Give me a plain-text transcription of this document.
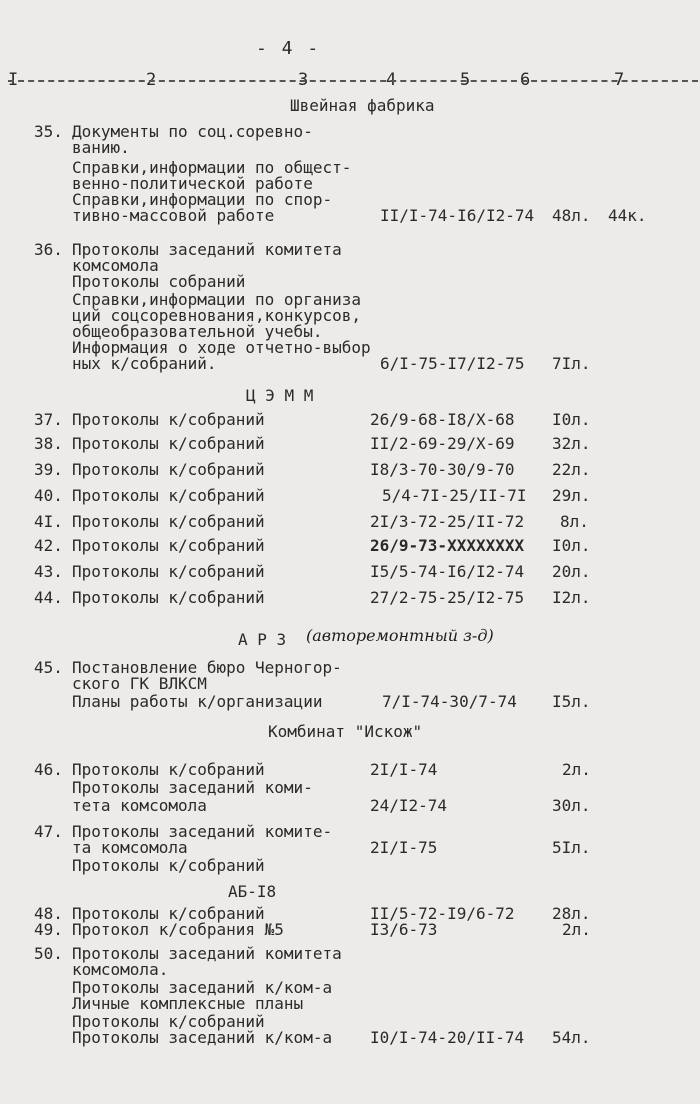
- 4 -
I	2	3	4	5	6	7
Швейная фабрика
35. Документы по соц.соревно-
ванию.
Справки,информации по общест-
венно-политической работе
Справки,информации по спор-
тивно-массовой работе	II/I-74-I6/I2-74 48л. 44к.
36. Протоколы заседаний комитета
комсомола
Протоколы собраний
Справки,информации по организа
ций соцсоревнования,конкурсов,
общеобразовательной учебы.
Информация о ходе отчетно-выбор
ных к/собраний.	6/I-75-I7/I2-75 7Iл.
Ц Э М М
37. Протоколы к/собраний	26/9-68-I8/X-68 I0л.
38. Протоколы к/собраний	II/2-69-29/X-69 32л.
39. Протоколы к/собраний	I8/3-70-30/9-70 22л.
40. Протоколы к/собраний	5/4-7I-25/II-7I 29л.
4I. Протоколы к/собраний	2I/3-72-25/II-72 8л.
42. Протоколы к/собраний	26/9-73-XXXXXXXX I0л.
43. Протоколы к/собраний	I5/5-74-I6/I2-74 20л.
44. Протоколы к/собраний	27/2-75-25/I2-75 I2л.
А Р З (авторемонтный з-д)
45. Постановление бюро Черногор-
ского ГК ВЛКСМ
Планы работы к/организации	7/I-74-30/7-74 I5л.
Комбинат "Искож"
46. Протоколы к/собраний	2I/I-74	2л.
Протоколы заседаний коми-
тета комсомола	24/I2-74	30л.
47. Протоколы заседаний комите-
та комсомола	2I/I-75	5Iл.
Протоколы к/собраний
АБ-I8
48. Протоколы к/собраний	II/5-72-I9/6-72 28л.
49. Протокол к/собрания №5	I3/6-73	2л.
50. Протоколы заседаний комитета
комсомола.
Протоколы заседаний к/ком-а
Личные комплексные планы
Протоколы к/собраний
Протоколы заседаний к/ком-а I0/I-74-20/II-74 54л.
